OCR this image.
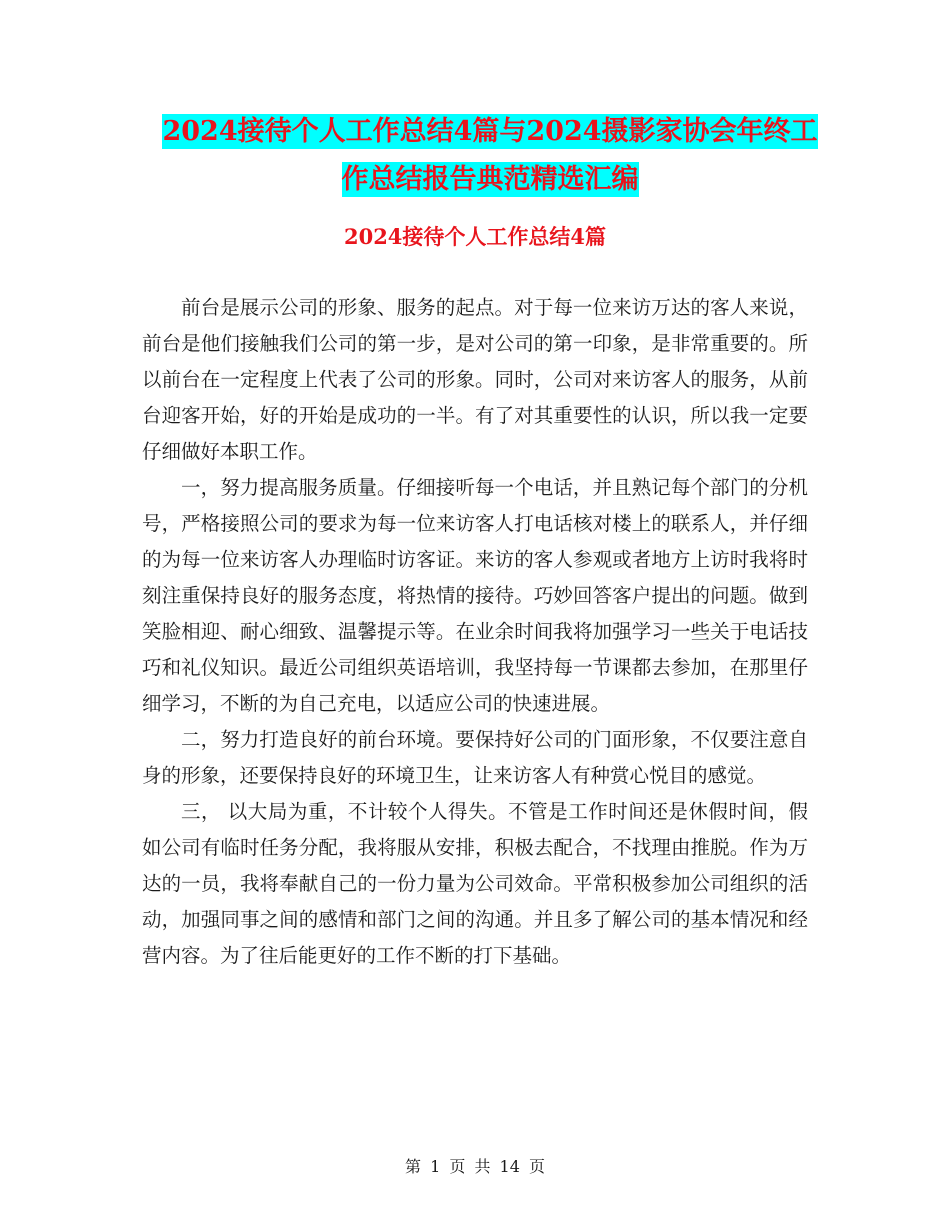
2024接待个人工作总结4篇与2024摄影家协会年终工
作总结报告典范精选汇编
2024接待个人工作总结4篇

前台是展示公司的形象、服务的起点。对于每一位来访万达的客人来说，前台是他们接触我们公司的第一步，是对公司的第一印象，是非常重要的。所以前台在一定程度上代表了公司的形象。同时，公司对来访客人的服务，从前台迎客开始，好的开始是成功的一半。有了对其重要性的认识，所以我一定要仔细做好本职工作。

一，努力提高服务质量。仔细接听每一个电话，并且熟记每个部门的分机号，严格接照公司的要求为每一位来访客人打电话核对楼上的联系人，并仔细的为每一位来访客人办理临时访客证。来访的客人参观或者地方上访时我将时刻注重保持良好的服务态度，将热情的接待。巧妙回答客户提出的问题。做到笑脸相迎、耐心细致、温馨提示等。在业余时间我将加强学习一些关于电话技巧和礼仪知识。最近公司组织英语培训，我坚持每一节课都去参加，在那里仔细学习，不断的为自己充电，以适应公司的快速进展。

二，努力打造良好的前台环境。要保持好公司的门面形象，不仅要注意自身的形象，还要保持良好的环境卫生，让来访客人有种赏心悦目的感觉。

三， 以大局为重，不计较个人得失。不管是工作时间还是休假时间，假如公司有临时任务分配，我将服从安排，积极去配合，不找理由推脱。作为万达的一员，我将奉献自己的一份力量为公司效命。平常积极参加公司组织的活动，加强同事之间的感情和部门之间的沟通。并且多了解公司的基本情况和经营内容。为了往后能更好的工作不断的打下基础。

第 1 页 共 14 页
